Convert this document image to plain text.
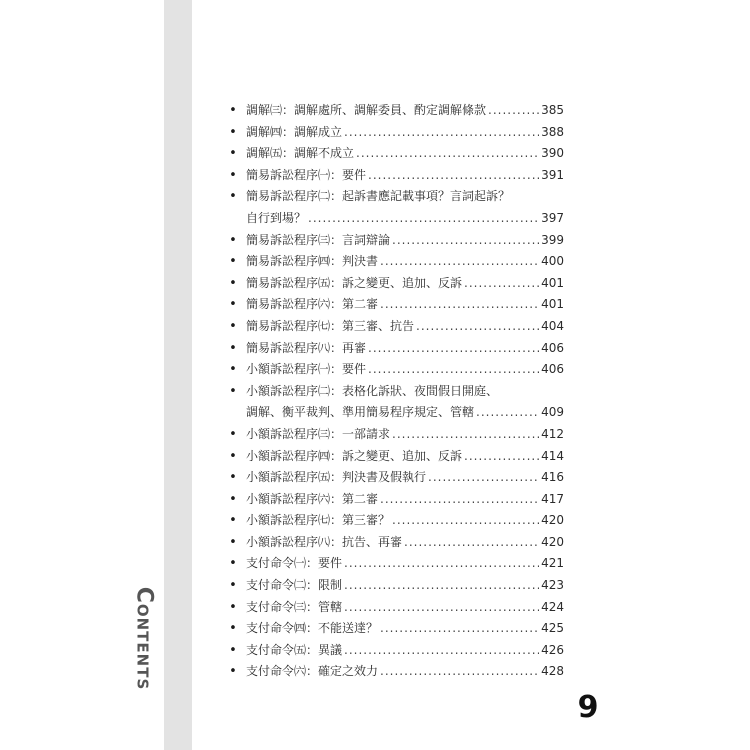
Contents
• 調解㈢：調解處所、調解委員、酌定調解條款 .....	385
• 調解㈣：調解成立 .....	388
• 調解㈤：調解不成立 .....	390
• 簡易訴訟程序㈠：要件 .....	391
• 簡易訴訟程序㈡：起訴書應記載事項？言詞起訴？
自行到場？ .....	397
• 簡易訴訟程序㈢：言詞辯論 .....	399
• 簡易訴訟程序㈣：判決書 .....	400
• 簡易訴訟程序㈤：訴之變更、追加、反訴 .....	401
• 簡易訴訟程序㈥：第二審 .....	401
• 簡易訴訟程序㈦：第三審、抗告 .....	404
• 簡易訴訟程序㈧：再審 .....	406
• 小額訴訟程序㈠：要件 .....	406
• 小額訴訟程序㈡：表格化訴狀、夜間假日開庭、
調解、衡平裁判、準用簡易程序規定、管轄 .....	409
• 小額訴訟程序㈢：一部請求 .....	412
• 小額訴訟程序㈣：訴之變更、追加、反訴 .....	414
• 小額訴訟程序㈤：判決書及假執行 .....	416
• 小額訴訟程序㈥：第二審 .....	417
• 小額訴訟程序㈦：第三審？ .....	420
• 小額訴訟程序㈧：抗告、再審 .....	420
• 支付命令㈠：要件 .....	421
• 支付命令㈡：限制 .....	423
• 支付命令㈢：管轄 .....	424
• 支付命令㈣：不能送達？ .....	425
• 支付命令㈤：異議 .....	426
• 支付命令㈥：確定之效力 .....	428
9
